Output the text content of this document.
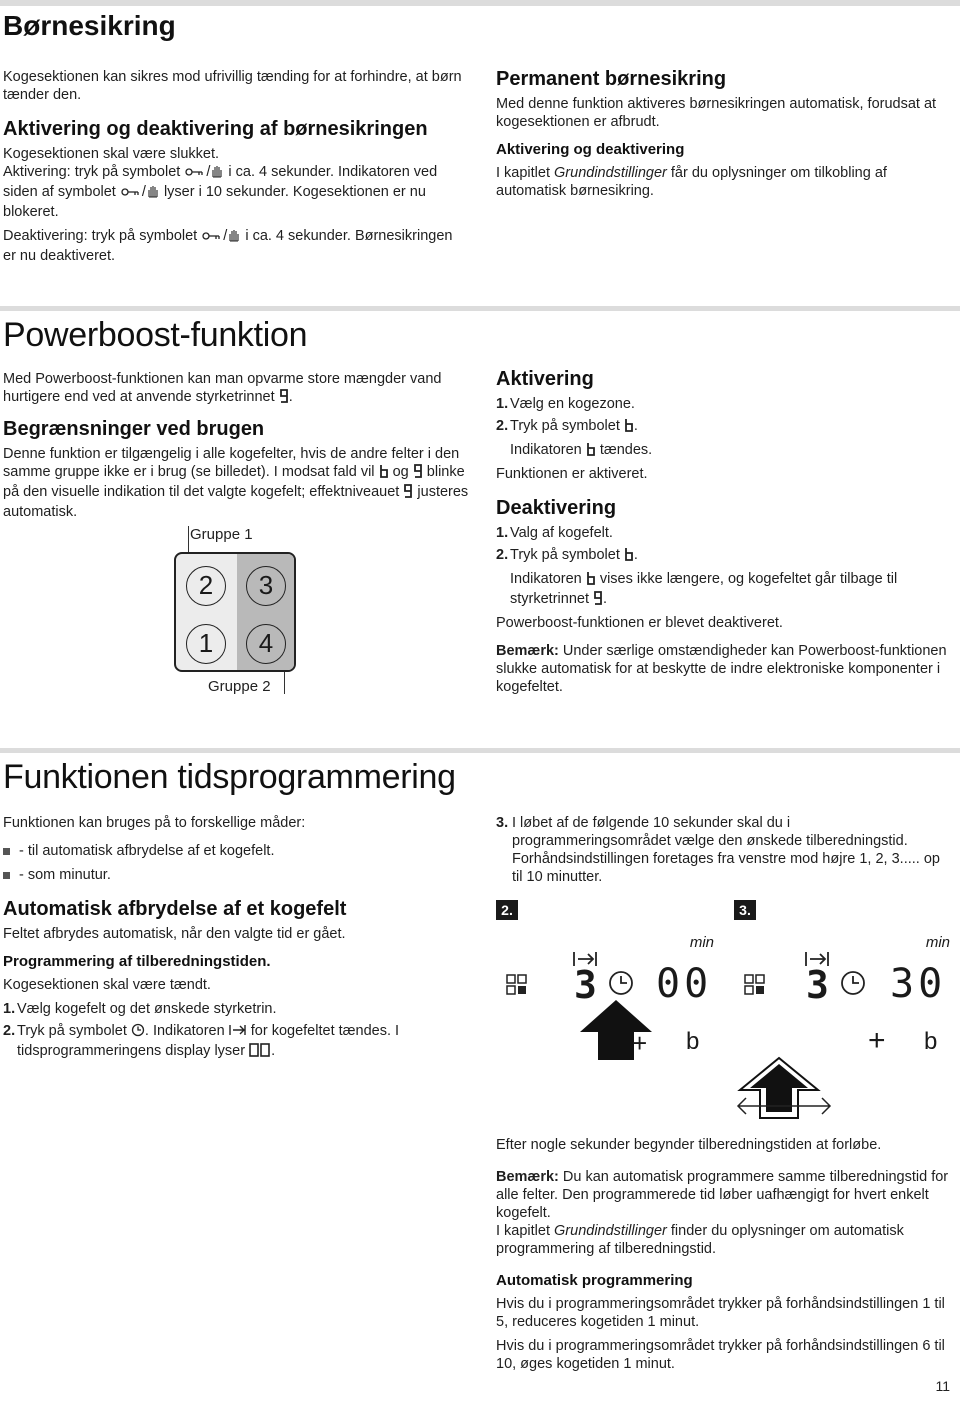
Børnesikring

Kogesektionen kan sikres mod ufrivillig tænding for at forhindre, at børn tænder den.

Aktivering og deaktivering af børnesikringen

Kogesektionen skal være slukket.

Aktivering: tryk på symbolet / i ca. 4 sekunder. Indikatoren ved siden af symbolet / lyser i 10 sekunder. Kogesektionen er nu blokeret.

Deaktivering: tryk på symbolet / i ca. 4 sekunder. Børnesikringen er nu deaktiveret.

Permanent børnesikring

Med denne funktion aktiveres børnesikringen automatisk, forudsat at kogesektionen er afbrudt.

Aktivering og deaktivering

I kapitlet Grundindstillinger får du oplysninger om tilkobling af automatisk børnesikring.

Powerboost-funktion

Med Powerboost-funktionen kan man opvarme store mængder vand hurtigere end ved at anvende styrketrinnet .

Begrænsninger ved brugen

Denne funktion er tilgængelig i alle kogefelter, hvis de andre felter i den samme gruppe ikke er i brug (se billedet). I modsat fald vil og blinke på den visuelle indikation til det valgte kogefelt; effektniveauet justeres automatisk.

Gruppe 1
2	3
1	4
Gruppe 2
Aktivering
1. Vælg en kogezone.
2. Tryk på symbolet .
Indikatoren tændes.

Funktionen er aktiveret.

Deaktivering
1. Valg af kogefelt.
2. Tryk på symbolet .
Indikatoren vises ikke længere, og kogefeltet går tilbage til styrketrinnet .

Powerboost-funktionen er blevet deaktiveret.

Bemærk: Under særlige omstændigheder kan Powerboost-funktionen slukke automatisk for at beskytte de indre elektroniske komponenter i kogefeltet.

Funktionen tidsprogrammering

Funktionen kan bruges på to forskellige måder:

- til automatisk afbrydelse af et kogefelt.
- som minutur.
Automatisk afbrydelse af et kogefelt

Feltet afbrydes automatisk, når den valgte tid er gået.

Programmering af tilberedningstiden.

Kogesektionen skal være tændt.

1. Vælg kogefelt og det ønskede styrketrin.
2. Tryk på symbolet . Indikatoren for kogefeltet tændes. I tidsprogrammeringens display lyser .
3. I løbet af de følgende 10 sekunder skal du i programmeringsområdet vælge den ønskede tilberedningstid. Forhåndsindstillingen foretages fra venstre mod højre 1, 2, 3..... op til 10 minutter.
2.
min
3 00
+ b
3.
min
3 30
+ b

Efter nogle sekunder begynder tilberedningstiden at forløbe.

Bemærk: Du kan automatisk programmere samme tilberedningstid for alle felter. Den programmerede tid løber uafhængigt for hvert enkelt kogefelt.

I kapitlet Grundindstillinger finder du oplysninger om automatisk programmering af tilberedningstid.

Automatisk programmering

Hvis du i programmeringsområdet trykker på forhåndsindstillingen 1 til 5, reduceres kogetiden 1 minut.

Hvis du i programmeringsområdet trykker på forhåndsindstillingen 6 til 10, øges kogetiden 1 minut.

11
